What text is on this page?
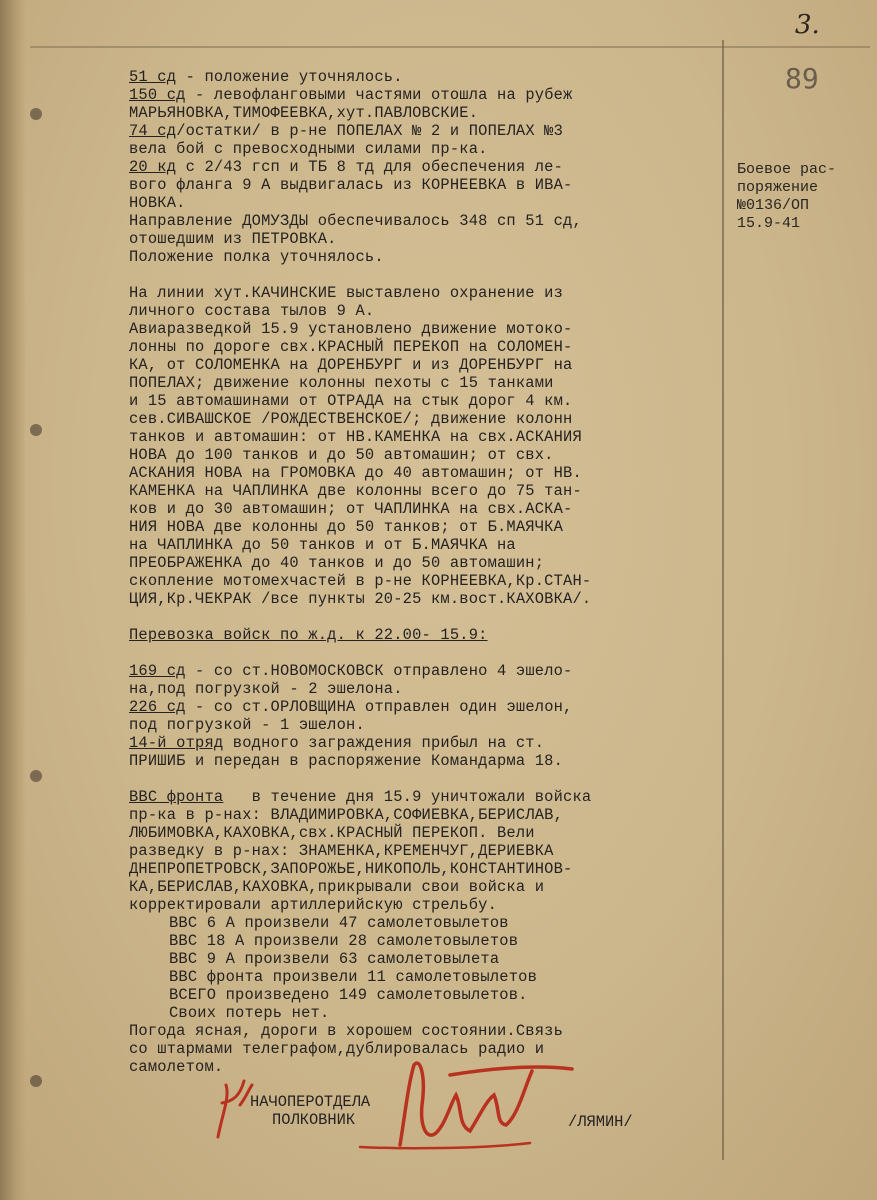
3.
89
Боевое рас-
поряжение
№0136/ОП
15.9-41
51 сд - положение уточнялось.
150 сд - левофланговыми частями отошла на рубеж
МАРЬЯНОВКА,ТИМОФЕЕВКА,хут.ПАВЛОВСКИЕ.
74 сд/остатки/ в р-не ПОПЕЛАХ № 2 и ПОПЕЛАХ №3
вела бой с превосходными силами пр-ка.
20 кд с 2/43 гсп и ТБ 8 тд для обеспечения ле-
вого фланга 9 А выдвигалась из КОРНЕЕВКА в ИВА-
НОВКА.
Направление ДОМУЗДЫ обеспечивалось 348 сп 51 сд,
отошедшим из ПЕТРОВКА.
Положение полка уточнялось.
На линии хут.КАЧИНСКИЕ выставлено охранение из
личного состава тылов 9 А.
Авиаразведкой 15.9 установлено движение мотоко-
лонны по дороге свх.КРАСНЫЙ ПЕРЕКОП на СОЛОМЕН-
КА, от СОЛОМЕНКА на ДОРЕНБУРГ и из ДОРЕНБУРГ на
ПОПЕЛАХ; движение колонны пехоты с 15 танками
и 15 автомашинами от ОТРАДА на стык дорог 4 км.
сев.СИВАШСКОЕ /РОЖДЕСТВЕНСКОЕ/; движение колонн
танков и автомашин: от НВ.КАМЕНКА на свх.АСКАНИЯ
НОВА до 100 танков и до 50 автомашин; от свх.
АСКАНИЯ НОВА на ГРОМОВКА до 40 автомашин; от НВ.
КАМЕНКА на ЧАПЛИНКА две колонны всего до 75 тан-
ков и до 30 автомашин; от ЧАПЛИНКА на свх.АСКА-
НИЯ НОВА две колонны до 50 танков; от Б.МАЯЧКА
на ЧАПЛИНКА до 50 танков и от Б.МАЯЧКА на
ПРЕОБРАЖЕНКА до 40 танков и до 50 автомашин;
скопление мотомехчастей в р-не КОРНЕЕВКА,Кр.СТАН-
ЦИЯ,Кр.ЧЕКРАК /все пункты 20-25 км.вост.КАХОВКА/.
Перевозка войск по ж.д. к 22.00- 15.9:
169 сд - со ст.НОВОМОСКОВСК отправлено 4 эшело-
на,под погрузкой - 2 эшелона.
226 сд - со ст.ОРЛОВЩИНА отправлен один эшелон,
под погрузкой - 1 эшелон.
14-й отряд водного заграждения прибыл на ст.
ПРИШИБ и передан в распоряжение Командарма 18.
ВВС фронта   в течение дня 15.9 уничтожали войска
пр-ка в р-нах: ВЛАДИМИРОВКА,СОФИЕВКА,БЕРИСЛАВ,
ЛЮБИМОВКА,КАХОВКА,свх.КРАСНЫЙ ПЕРЕКОП. Вели
разведку в р-нах: ЗНАМЕНКА,КРЕМЕНЧУГ,ДЕРИЕВКА
ДНЕПРОПЕТРОВСК,ЗАПОРОЖЬЕ,НИКОПОЛЬ,КОНСТАНТИНОВ-
КА,БЕРИСЛАВ,КАХОВКА,прикрывали свои войска и
корректировали артиллерийскую стрельбу.
ВВС 6 А произвели 47 самолетовылетов
ВВС 18 А произвели 28 самолетовылетов
ВВС 9 А произвели 63 самолетовылета
ВВС фронта произвели 11 самолетовылетов
ВСЕГО произведено 149 самолетовылетов.
Своих потерь нет.
Погода ясная, дороги в хорошем состоянии.Связь
со штармами телеграфом,дублировалась радио и
самолетом.
НАЧОПЕРОТДЕЛА
ПОЛКОВНИК	/ЛЯМИН/
